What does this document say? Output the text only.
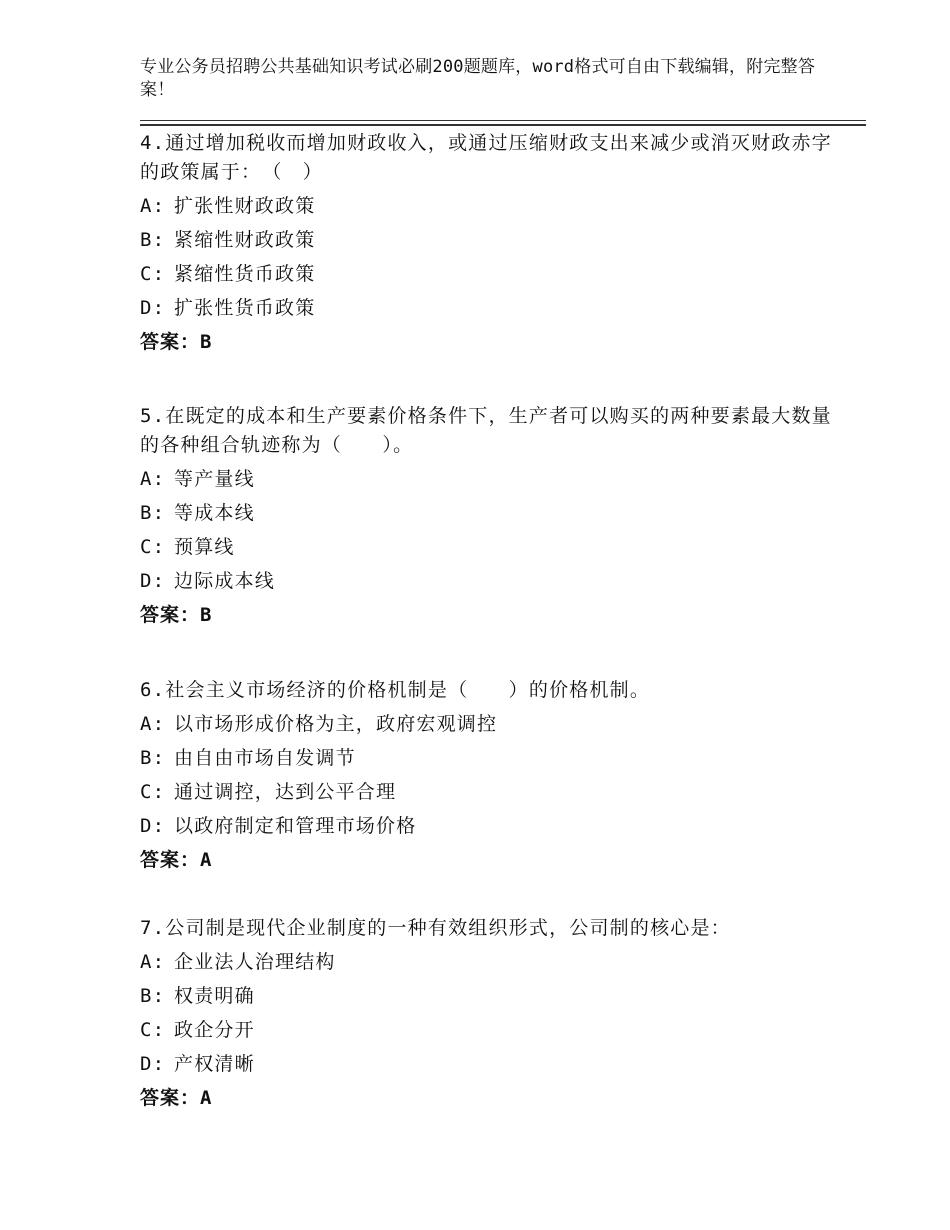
专业公务员招聘公共基础知识考试必刷200题题库，word格式可自由下载编辑，附完整答案！

4.通过增加税收而增加财政收入，或通过压缩财政支出来减少或消灭财政赤字的政策属于：　（　）

A: 扩张性财政政策
B: 紧缩性财政政策
C: 紧缩性货币政策
D: 扩张性货币政策

答案：B

5.在既定的成本和生产要素价格条件下，生产者可以购买的两种要素最大数量的各种组合轨迹称为（　　）。

A: 等产量线
B: 等成本线
C: 预算线
D: 边际成本线

答案：B

6.社会主义市场经济的价格机制是（　　）的价格机制。

A: 以市场形成价格为主，政府宏观调控
B: 由自由市场自发调节
C: 通过调控，达到公平合理
D: 以政府制定和管理市场价格

答案：A

7.公司制是现代企业制度的一种有效组织形式，公司制的核心是：

A: 企业法人治理结构
B: 权责明确
C: 政企分开
D: 产权清晰

答案：A
